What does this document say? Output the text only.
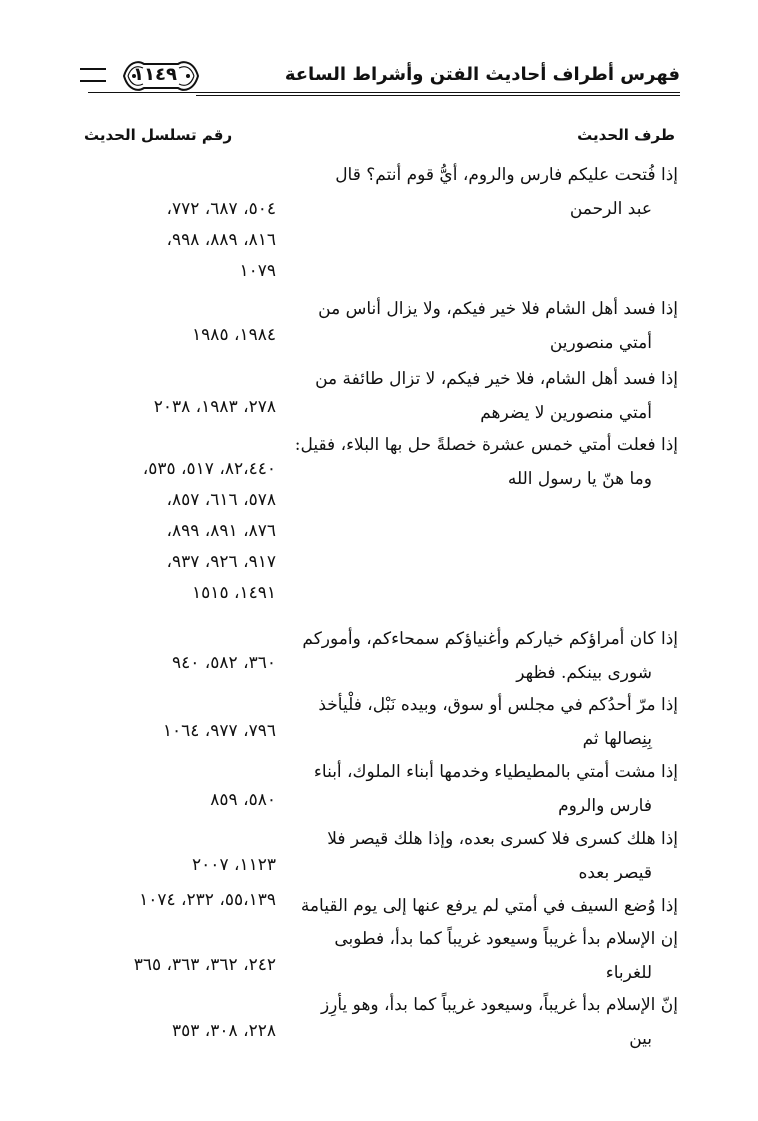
فهرس أطراف أحاديث الفتن وأشراط الساعة
١١٤٩
طرف الحديث
رقم تسلسل الحديث
إذا فُتحت عليكم فارس والروم، أيُّ قوم أنتم؟ قال
عبد الرحمن
٥٠٤، ٦٨٧، ٧٧٢،
٨١٦، ٨٨٩، ٩٩٨،
١٠٧٩
إذا فسد أهل الشام فلا خير فيكم، ولا يزال أناس من
أمتي منصورين
١٩٨٤، ١٩٨٥
إذا فسد أهل الشام، فلا خير فيكم، لا تزال طائفة من
أمتي منصورين لا يضرهم
٢٧٨، ١٩٨٣، ٢٠٣٨
إذا فعلت أمتي خمس عشرة خصلةً حل بها البلاء، فقيل:
وما هنّ يا رسول الله
٨٢،٤٤٠، ٥١٧، ٥٣٥،
٥٧٨، ٦١٦، ٨٥٧،
٨٧٦، ٨٩١، ٨٩٩،
٩١٧، ٩٢٦، ٩٣٧،
١٤٩١، ١٥١٥
إذا كان أمراؤكم خياركم وأغنياؤكم سمحاءكم، وأموركم
شورى بينكم. فظهر
٣٦٠، ٥٨٢، ٩٤٠
إذا مرّ أحدُكم في مجلس أو سوق، وبيده نَبْل، فلْيأخذ
بِنِصالها ثم
٧٩٦، ٩٧٧، ١٠٦٤
إذا مشت أمتي بالمطيطياء وخدمها أبناء الملوك، أبناء
فارس والروم
٥٨٠، ٨٥٩
إذا هلك كسرى فلا كسرى بعده، وإذا هلك قيصر فلا
قيصر بعده
١١٢٣، ٢٠٠٧
إذا وُضع السيف في أمتي لم يرفع عنها إلى يوم القيامة
٥٥،١٣٩، ٢٣٢، ١٠٧٤
إن الإسلام بدأ غريباً وسيعود غريباً كما بدأ، فطوبى
للغرباء
٢٤٢، ٣٦٢، ٣٦٣، ٣٦٥
إنّ الإسلام بدأ غريباً، وسيعود غريباً كما بدأ، وهو يأرِز
بين
٢٢٨، ٣٠٨، ٣٥٣
